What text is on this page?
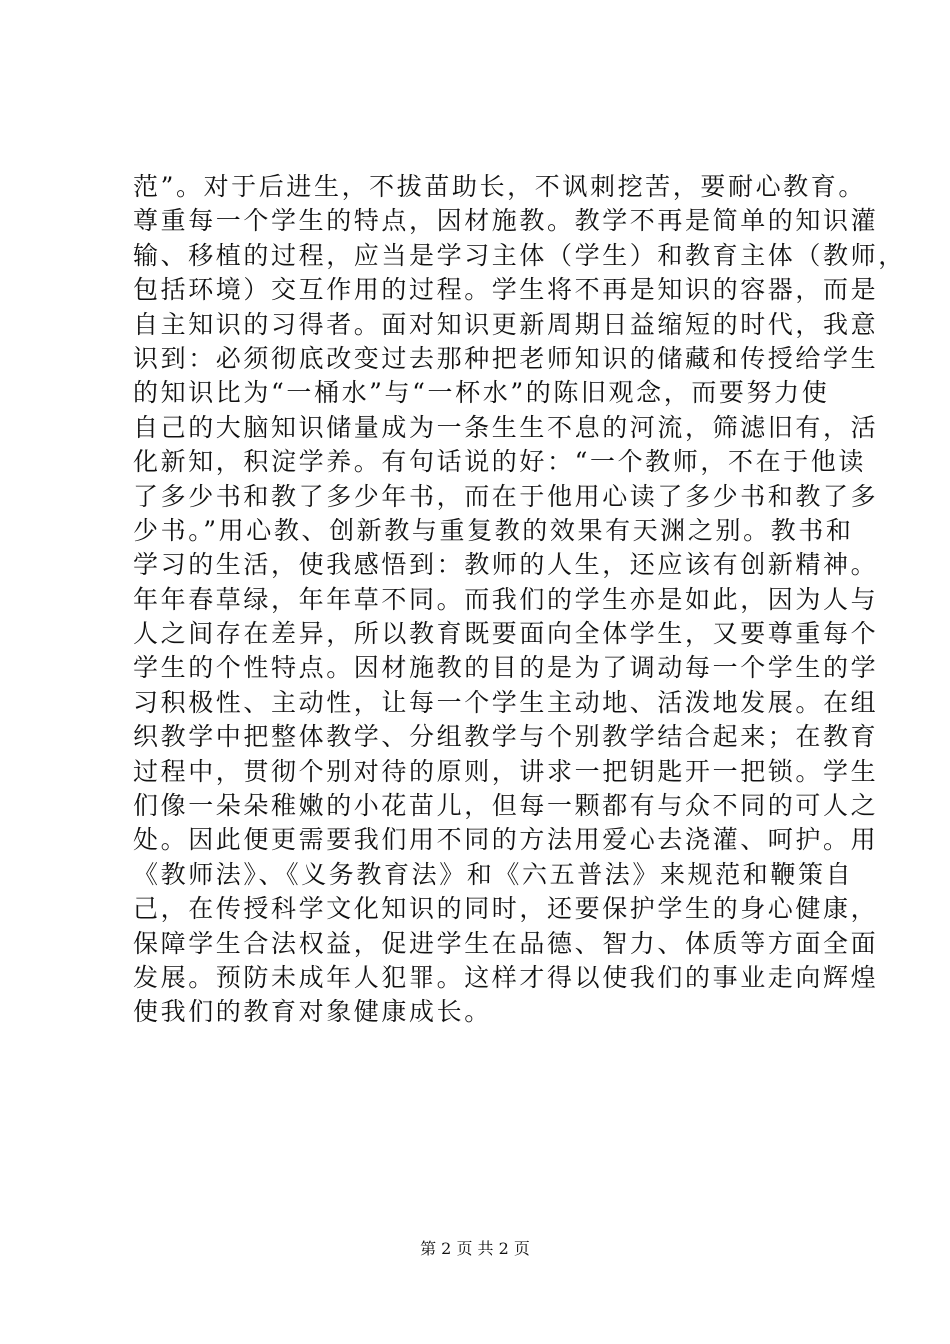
范”。对于后进生，不拔苗助长，不讽刺挖苦，要耐心教育。
尊重每一个学生的特点，因材施教。教学不再是简单的知识灌
输、移植的过程，应当是学习主体（学生）和教育主体（教师，
包括环境）交互作用的过程。学生将不再是知识的容器，而是
自主知识的习得者。面对知识更新周期日益缩短的时代，我意
识到：必须彻底改变过去那种把老师知识的储藏和传授给学生
的知识比为“一桶水”与“一杯水”的陈旧观念，而要努力使
自己的大脑知识储量成为一条生生不息的河流，筛滤旧有，活
化新知，积淀学养。有句话说的好：“一个教师，不在于他读
了多少书和教了多少年书，而在于他用心读了多少书和教了多
少书。”用心教、创新教与重复教的效果有天渊之别。教书和
学习的生活，使我感悟到：教师的人生，还应该有创新精神。
年年春草绿，年年草不同。而我们的学生亦是如此，因为人与
人之间存在差异，所以教育既要面向全体学生，又要尊重每个
学生的个性特点。因材施教的目的是为了调动每一个学生的学
习积极性、主动性，让每一个学生主动地、活泼地发展。在组
织教学中把整体教学、分组教学与个别教学结合起来；在教育
过程中，贯彻个别对待的原则，讲求一把钥匙开一把锁。学生
们像一朵朵稚嫩的小花苗儿，但每一颗都有与众不同的可人之
处。因此便更需要我们用不同的方法用爱心去浇灌、呵护。用
《教师法》、《义务教育法》和《六五普法》来规范和鞭策自
己，在传授科学文化知识的同时，还要保护学生的身心健康，
保障学生合法权益，促进学生在品德、智力、体质等方面全面
发展。预防未成年人犯罪。这样才得以使我们的事业走向辉煌
使我们的教育对象健康成长。
第 2 页 共 2 页
